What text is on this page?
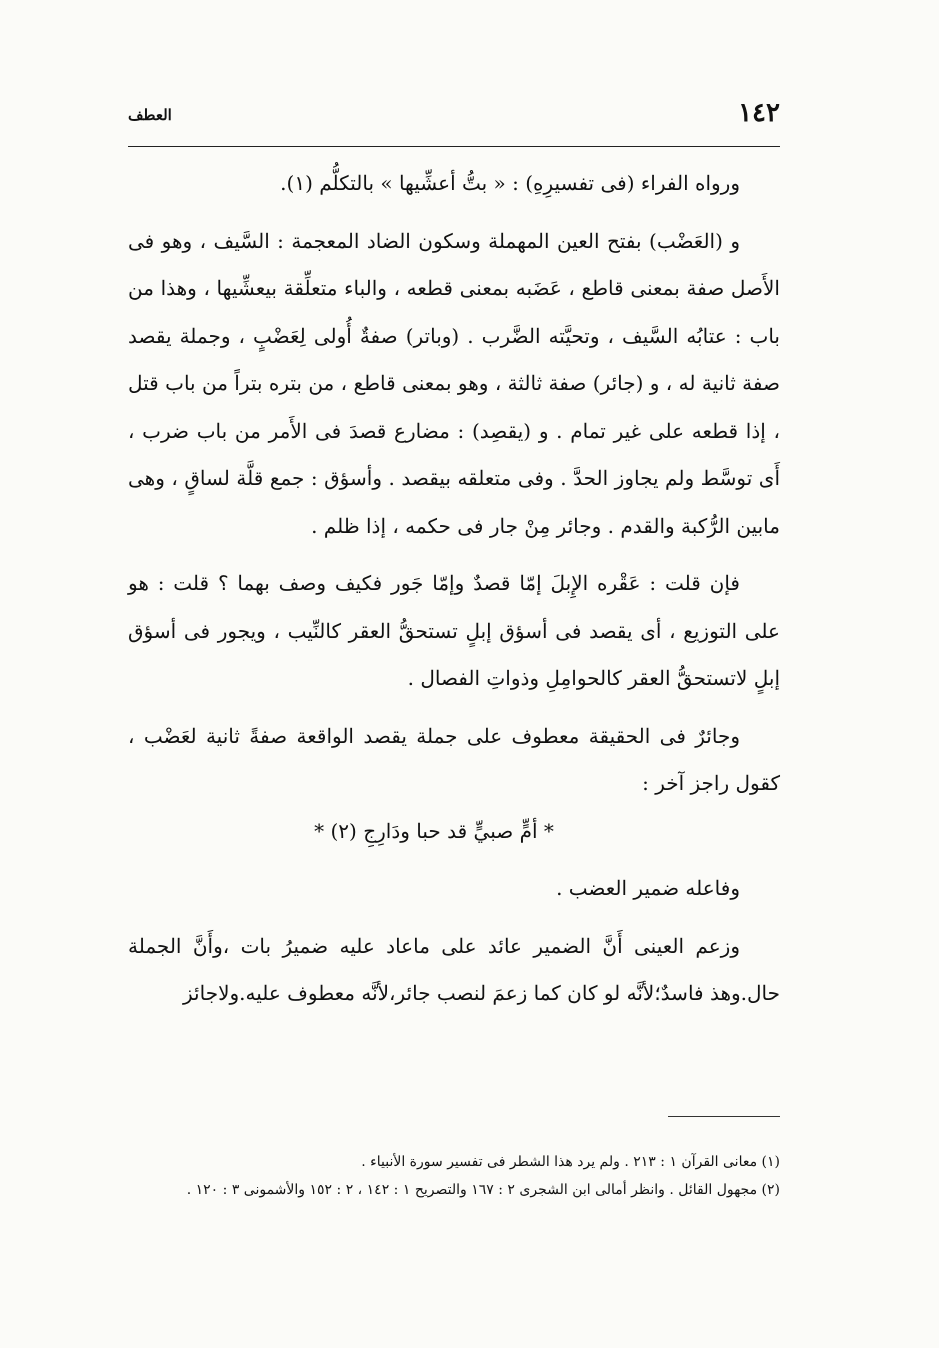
١٤٢
العطف

ورواه الفراء (فى تفسيرِهِ) : « بتُّ أعشِّيها » بالتكلُّم (١).

و (العَضْب) بفتح العين المهملة وسكون الضاد المعجمة : السَّيف ، وهو فى الأَصل صفة بمعنى قاطع ، عَضَبه بمعنى قطعه ، والباء متعلِّقة بيعشِّيها ، وهذا من باب : عتابُه السَّيف ، وتحيَّته الضَّرب . (وباتر) صفةٌ أُولى لِعَضْبٍ ، وجملة يقصد صفة ثانية له ، و (جائر) صفة ثالثة ، وهو بمعنى قاطع ، من بتره بتراً من باب قتل ، إذا قطعه على غير تمام . و (يقصِد) : مضارع قصدَ فى الأَمر من باب ضرب ، أَى توسَّط ولم يجاوز الحدَّ . وفى متعلقه بيقصد . وأسؤق : جمع قلَّة لساقٍ ، وهى مابين الرُّكبة والقدم . وجائر مِنْ جار فى حكمه ، إذا ظلم .

فإن قلت : عَقْره الإِبلَ إمّا قصدٌ وإمّا جَور فكيف وصف بهما ؟ قلت : هو على التوزيع ، أى يقصد فى أسؤق إبلٍ تستحقُّ العقر كالنِّيب ، ويجور فى أسؤق إبلٍ لاتستحقُّ العقر كالحوامِلِ وذواتِ الفصال .

وجائرٌ فى الحقيقة معطوف على جملة يقصد الواقعة صفةً ثانية لعَضْب ، كقول راجز آخر :

* أمٍّ صبيٍّ قد حبا ودَارِجِ (٢) *

وفاعله ضمير العضب .

وزعم العينى أَنَّ الضمير عائد على ماعاد عليه ضميرُ بات ،وأَنَّ الجملة حال.وهذ فاسدٌ؛لأنَّه لو كان كما زعمَ لنصب جائر،لأنَّه معطوف عليه.ولاجائز

(١) معانى القرآن ١ : ٢١٣ . ولم يرد هذا الشطر فى تفسير سورة الأنبياء .

(٢) مجهول القائل . وانظر أمالى ابن الشجرى ٢ : ١٦٧ والتصريح ١ : ١٤٢ ، ٢ : ١٥٢ والأشمونى ٣ : ١٢٠ .
